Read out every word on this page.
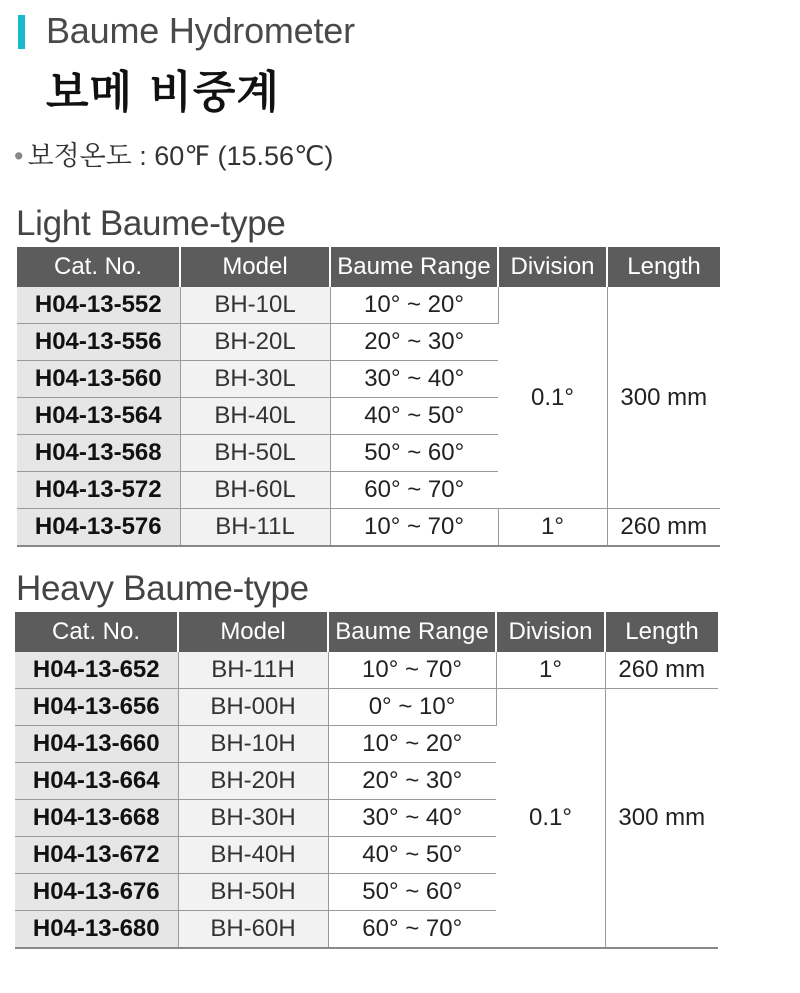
Baume Hydrometer
보메 비중계
• 보정온도 : 60℉ (15.56℃)
Light Baume-type
Cat. No.	Model	Baume Range	Division	Length
H04-13-552	BH-10L	10° ~ 20°	0.1°	300 mm
H04-13-556	BH-20L	20° ~ 30°		
H04-13-560	BH-30L	30° ~ 40°		
H04-13-564	BH-40L	40° ~ 50°		
H04-13-568	BH-50L	50° ~ 60°		
H04-13-572	BH-60L	60° ~ 70°		
H04-13-576	BH-11L	10° ~ 70°	1°	260 mm
Heavy Baume-type
Cat. No.	Model	Baume Range	Division	Length
H04-13-652	BH-11H	10° ~ 70°	1°	260 mm
H04-13-656	BH-00H	0° ~ 10°	0.1°	300 mm
H04-13-660	BH-10H	10° ~ 20°		
H04-13-664	BH-20H	20° ~ 30°		
H04-13-668	BH-30H	30° ~ 40°		
H04-13-672	BH-40H	40° ~ 50°		
H04-13-676	BH-50H	50° ~ 60°		
H04-13-680	BH-60H	60° ~ 70°		
